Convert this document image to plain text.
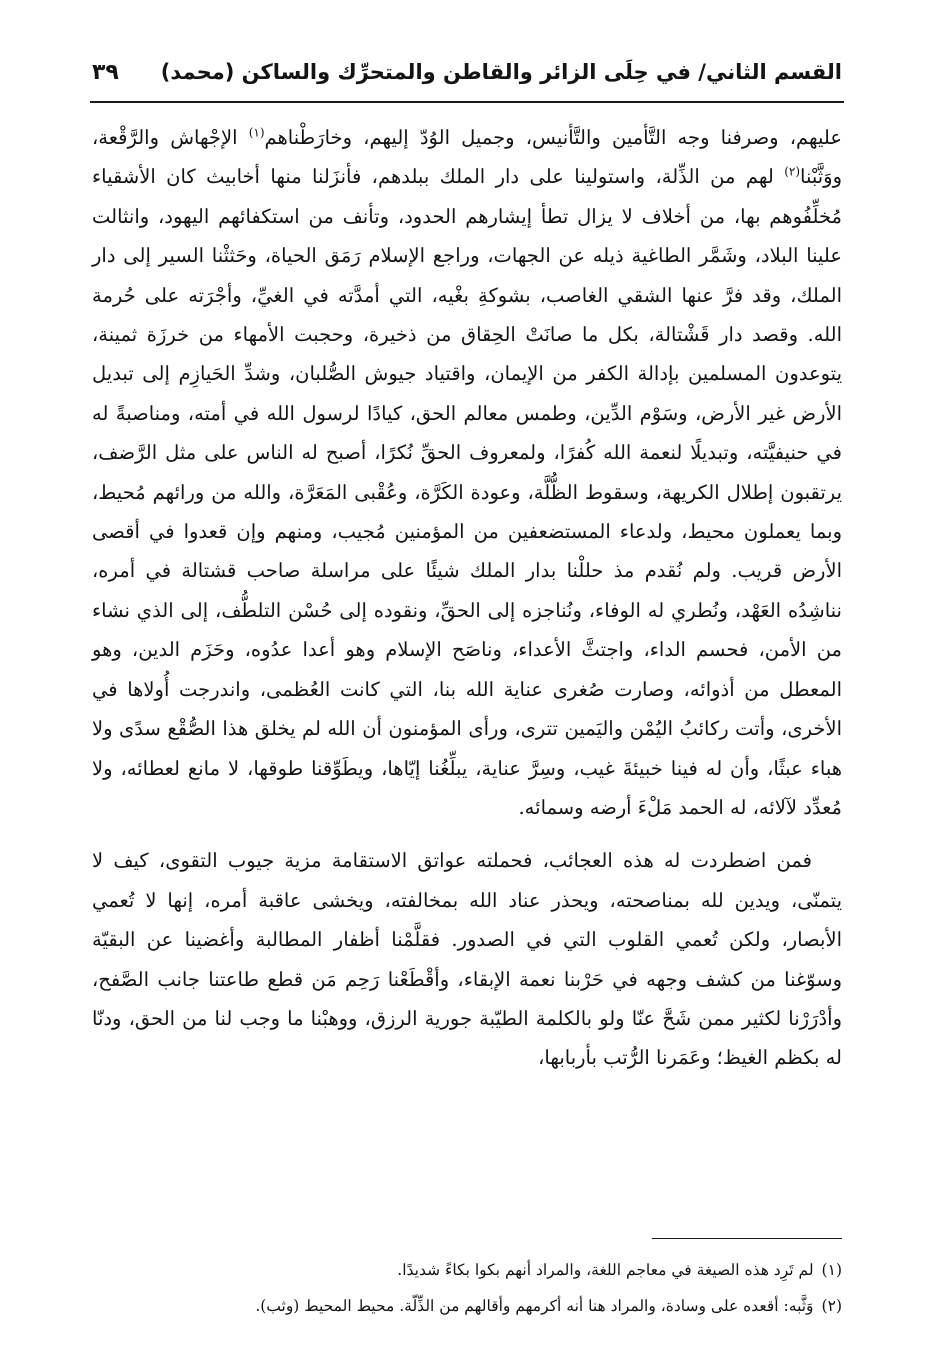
القسم الثاني/ في حِلَى الزائر والقاطن والمتحرِّك والساكن (محمد)
٣٩

عليهم، وصرفنا وجه التَّأمين والتَّأنيس، وجميل الوُدّ إليهم، وخارَطْناهم$^{(١)}$ الإجْهاش والرَّقْعة، ووَثَّبْنا$^{(٢)}$ لهم من الذِّلة، واستولينا على دار الملك ببلدهم، فأنزَلنا منها أخابيث كان الأشقياء مُخلِّفُوهم بها، من أخلاف لا يزال تطأ إيشارهم الحدود، وتأنف من استكفائهم اليهود، وانثالت علينا البلاد، وشَمَّر الطاغية ذيله عن الجهات، وراجع الإسلام رَمَق الحياة، وحَثثْنا السير إلى دار الملك، وقد فرَّ عنها الشقي الغاصب، بشوكةِ بغْيه، التي أمدَّته في الغيِّ، وأجْرَته على حُرمة الله. وقصد دار قَشْتالة، بكل ما صانَتْ الحِقاق من ذخيرة، وحجبت الأمهاء من خرزَة ثمينة، يتوعدون المسلمين بإدالة الكفر من الإيمان، واقتياد جيوش الصُّلبان، وشدِّ الحَيازِم إلى تبديل الأرض غير الأرض، وسَوْم الدِّين، وطمس معالم الحق، كيادًا لرسول الله في أمته، ومناصبةً له في حنيفيَّته، وتبديلًا لنعمة الله كُفرًا، ولمعروف الحقِّ نُكرًا، أصبح له الناس على مثل الرَّضف، يرتقبون إطلال الكريهة، وسقوط الظُّلَّة، وعودة الكَرَّة، وعُقْبى المَعَرَّة، والله من ورائهم مُحيط، وبما يعملون محيط، ولدعاء المستضعفين من المؤمنين مُجيب، ومنهم وإن قعدوا في أقصى الأرض قريب. ولم نُقدم مذ حللْنا بدار الملك شيئًا على مراسلة صاحب قشتالة في أمره، نناشِدُه العَهْد، ونُطري له الوفاء، ونُناجزه إلى الحقِّ، ونقوده إلى حُسْن التلطُّف، إلى الذي نشاء من الأمن، فحسم الداء، واجتثَّ الأعداء، وناصَح الإسلام وهو أعدا عدُوه، وحَزَم الدين، وهو المعطل من أذوائه، وصارت صُغرى عناية الله بنا، التي كانت العُظمى، واندرجت أُولاها في الأخرى، وأتت ركائبُ اليُمْن واليَمين تترى، ورأى المؤمنون أن الله لم يخلق هذا الصُّقْع سدًى ولا هباء عبثًا، وأن له فينا خبيئةَ غيب، وسِرَّ عناية، يبلِّغُنا إيّاها، ويطَوِّقنا طوقها، لا مانع لعطائه، ولا مُعدِّد لآلائه، له الحمد مَلْءَ أرضه وسمائه.

فمن اضطردت له هذه العجائب، فحملته عواتق الاستقامة مزية جيوب التقوى، كيف لا يتمنّى، ويدين لله بمناصحته، ويحذر عناد الله بمخالفته، ويخشى عاقبة أمره، إنها لا تُعمي الأبصار، ولكن تُعمي القلوب التي في الصدور. فقلَّمْنا أظفار المطالبة وأغضينا عن البقيّة وسوّغنا من كشف وجهه في حَرْبنا نعمة الإبقاء، وأقْطَعْنا رَحِم مَن قطع طاعتنا جانب الصَّفح، وأدْرَرْنا لكثير ممن شَحَّ عنّا ولو بالكلمة الطيّبة جورية الرزق، ووهبْنا ما وجب لنا من الحق، ودنّا له بكظم الغيظ؛ وعَمَرنا الرُّتب بأربابها،

(١)لم تَرِد هذه الصيغة في معاجم اللغة، والمراد أنهم بكوا بكاءً شديدًا.
(٢)وَثَّبه: أقعده على وسادة، والمراد هنا أنه أكرمهم وأقالهم من الذِّلّة. محيط المحيط (وثب).
